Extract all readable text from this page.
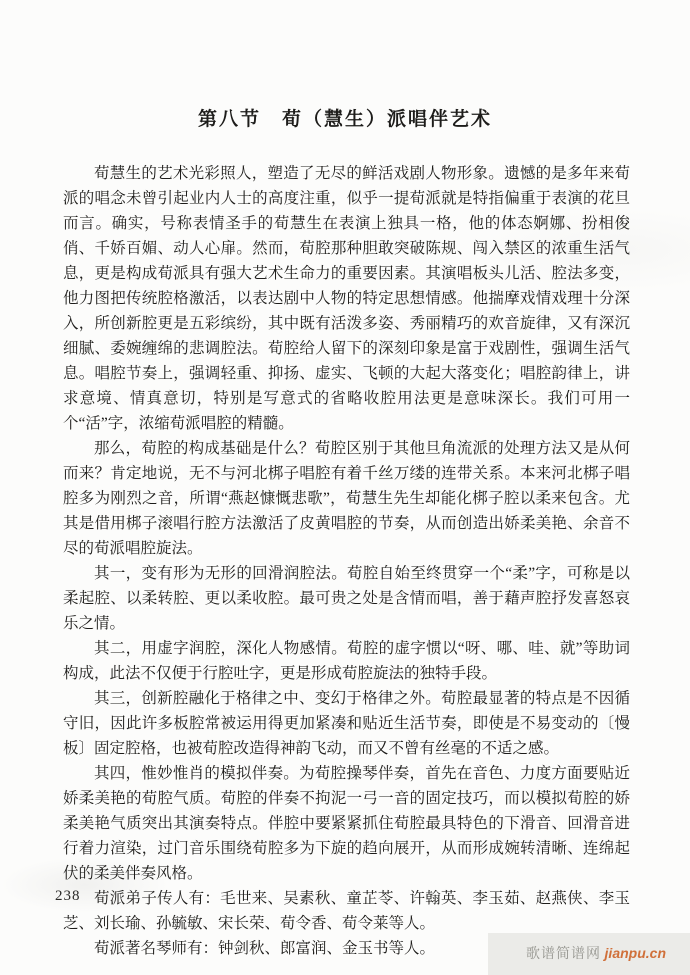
第八节　荀（慧生）派唱伴艺术

荀慧生的艺术光彩照人，塑造了无尽的鲜活戏剧人物形象。遗憾的是多年来荀派的唱念未曾引起业内人士的高度注重，似乎一提荀派就是特指偏重于表演的花旦而言。确实，号称表情圣手的荀慧生在表演上独具一格，他的体态婀娜、扮相俊俏、千娇百媚、动人心扉。然而，荀腔那种胆敢突破陈规、闯入禁区的浓重生活气息，更是构成荀派具有强大艺术生命力的重要因素。其演唱板头儿活、腔法多变，他力图把传统腔格激活，以表达剧中人物的特定思想情感。他揣摩戏情戏理十分深入，所创新腔更是五彩缤纷，其中既有活泼多姿、秀丽精巧的欢音旋律，又有深沉细腻、委婉缠绵的悲调腔法。荀腔给人留下的深刻印象是富于戏剧性，强调生活气息。唱腔节奏上，强调轻重、抑扬、虚实、飞顿的大起大落变化；唱腔韵律上，讲求意境、情真意切，特别是写意式的省略收腔用法更是意味深长。我们可用一个“活”字，浓缩荀派唱腔的精髓。

那么，荀腔的构成基础是什么？荀腔区别于其他旦角流派的处理方法又是从何而来？肯定地说，无不与河北梆子唱腔有着千丝万缕的连带关系。本来河北梆子唱腔多为刚烈之音，所谓“燕赵慷慨悲歌”，荀慧生先生却能化梆子腔以柔来包含。尤其是借用梆子滚唱行腔方法激活了皮黄唱腔的节奏，从而创造出娇柔美艳、余音不尽的荀派唱腔旋法。

其一，变有形为无形的回滑润腔法。荀腔自始至终贯穿一个“柔”字，可称是以柔起腔、以柔转腔、更以柔收腔。最可贵之处是含情而唱，善于藉声腔抒发喜怒哀乐之情。

其二，用虚字润腔，深化人物感情。荀腔的虚字惯以“呀、哪、哇、就”等助词构成，此法不仅便于行腔吐字，更是形成荀腔旋法的独特手段。

其三，创新腔融化于格律之中、变幻于格律之外。荀腔最显著的特点是不因循守旧，因此许多板腔常被运用得更加紧凑和贴近生活节奏，即使是不易变动的〔慢板〕固定腔格，也被荀腔改造得神韵飞动，而又不曾有丝毫的不适之感。

其四，惟妙惟肖的模拟伴奏。为荀腔操琴伴奏，首先在音色、力度方面要贴近娇柔美艳的荀腔气质。荀腔的伴奏不拘泥一弓一音的固定技巧，而以模拟荀腔的娇柔美艳气质突出其演奏特点。伴腔中要紧紧抓住荀腔最具特色的下滑音、回滑音进行着力渲染，过门音乐围绕荀腔多为下旋的趋向展开，从而形成婉转清晰、连绵起伏的柔美伴奏风格。

荀派弟子传人有：毛世来、吴素秋、童芷苓、许翰英、李玉茹、赵燕侠、李玉芝、刘长瑜、孙毓敏、宋长荣、荀令香、荀令莱等人。

荀派著名琴师有：钟剑秋、郎富润、金玉书等人。

238
歌谱简谱网 jianpu.cn
